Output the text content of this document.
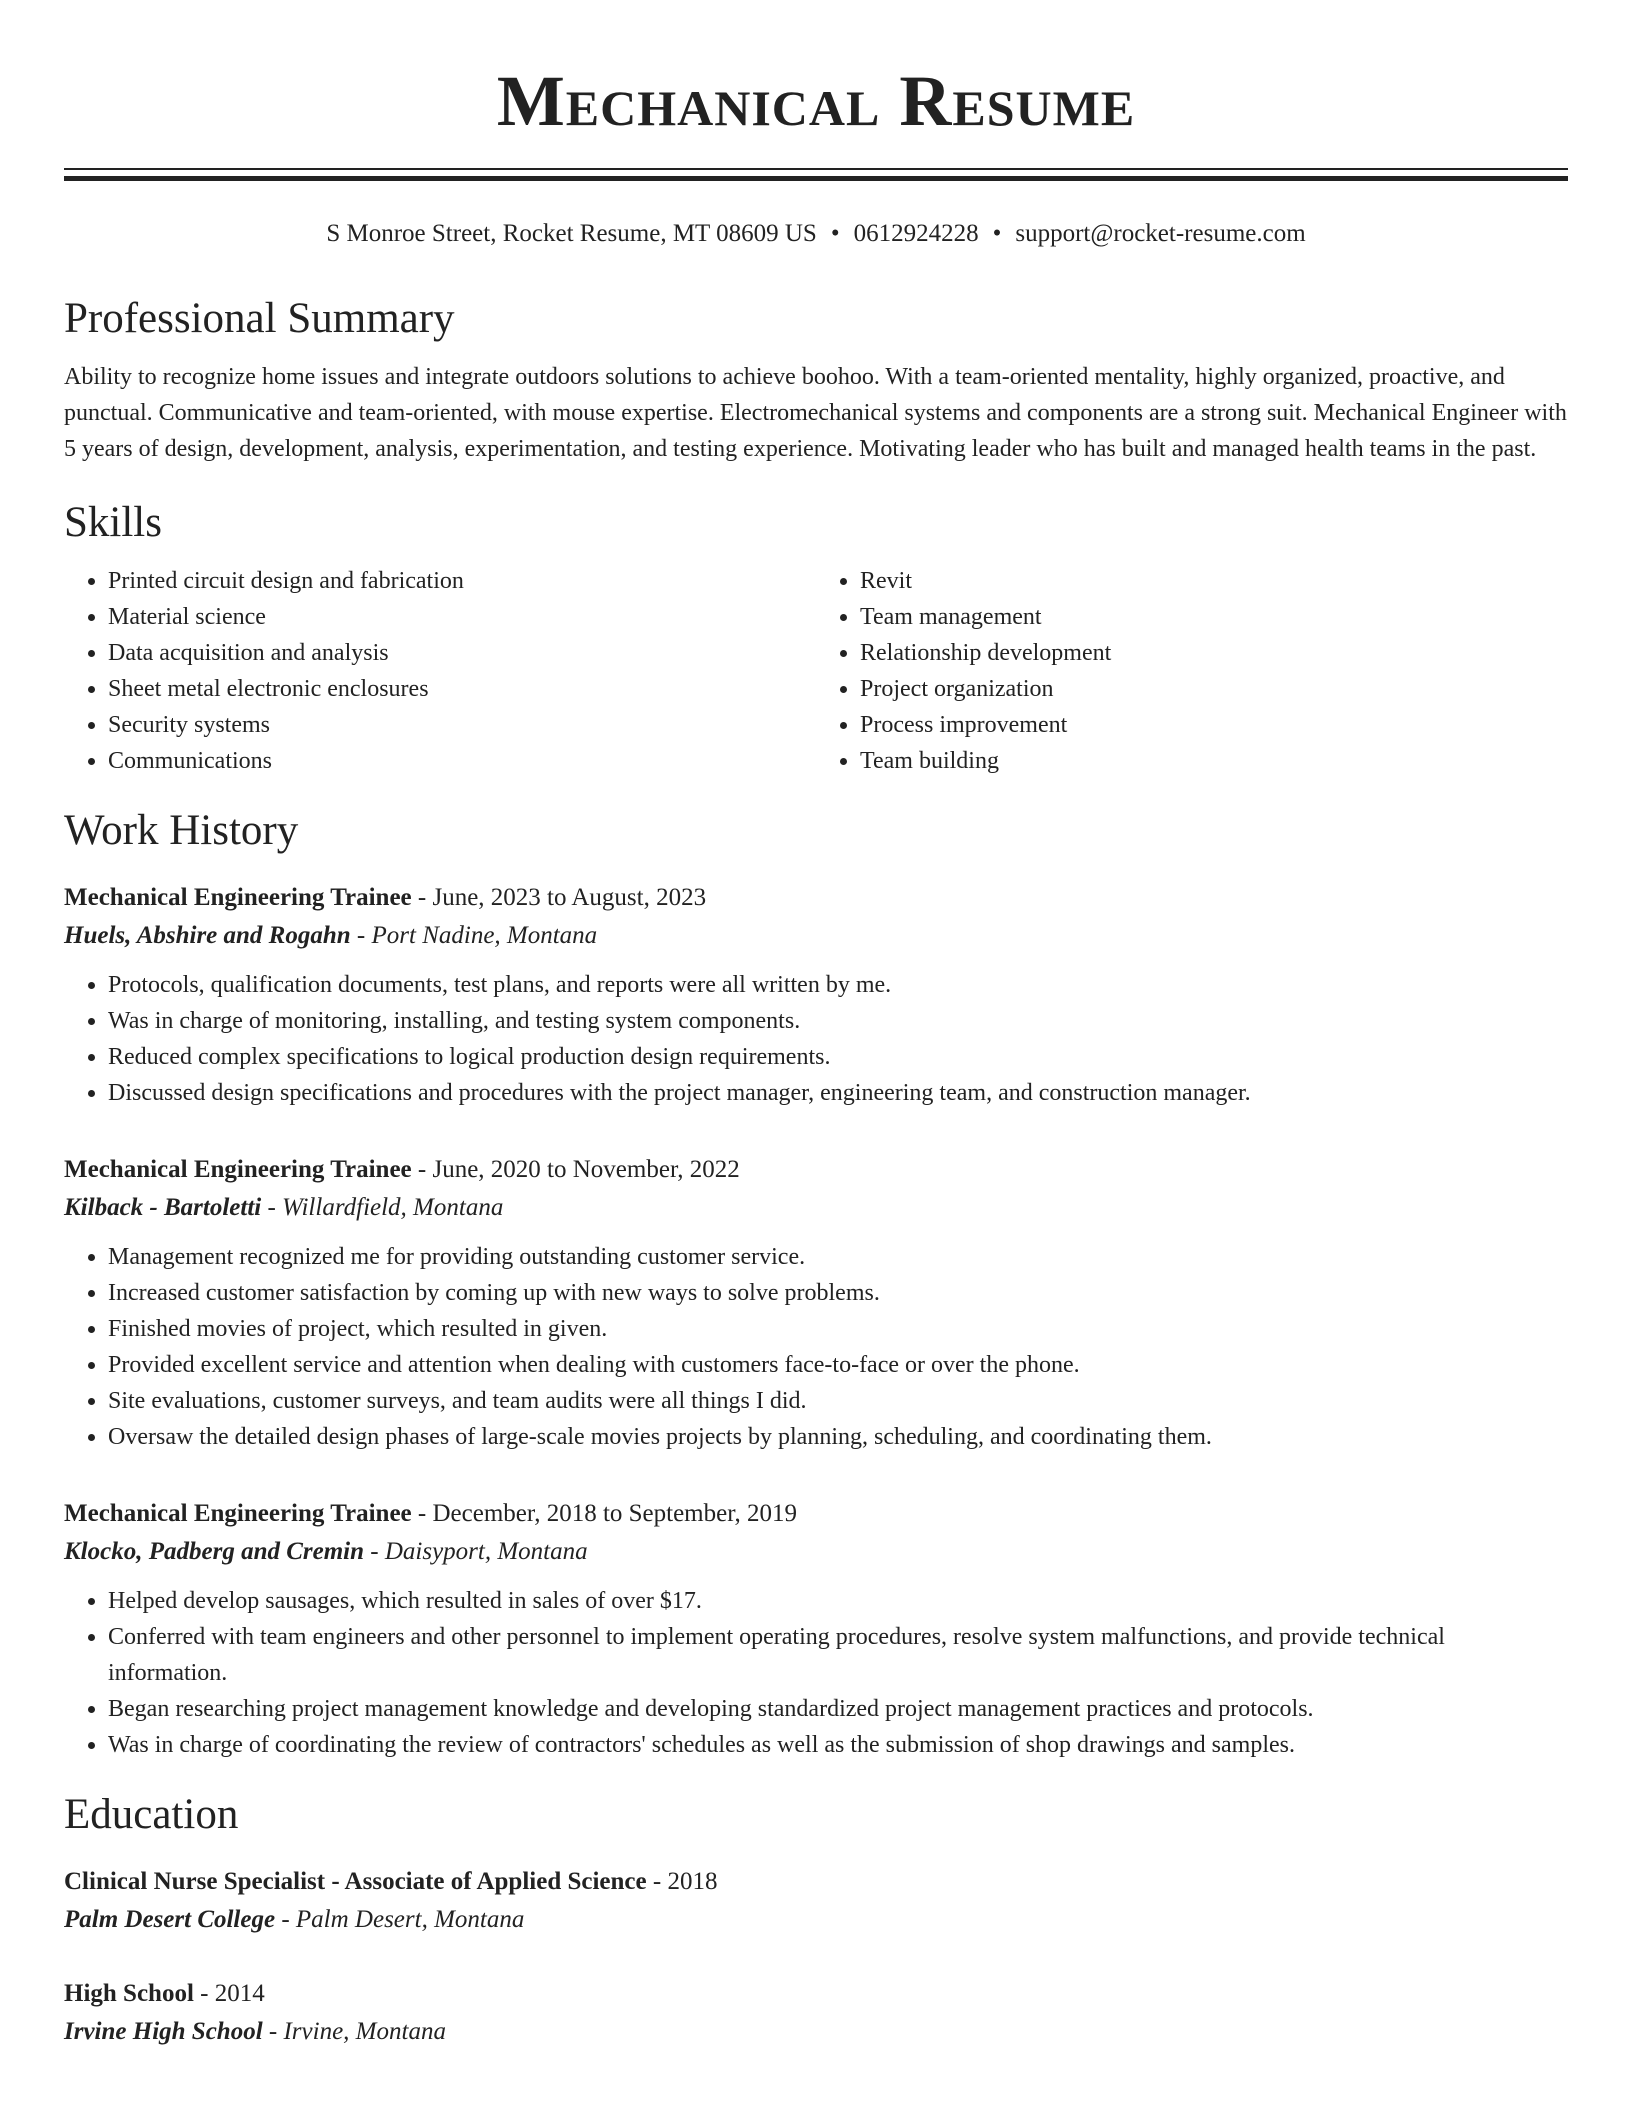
Mechanical Resume
S Monroe Street, Rocket Resume, MT 08609 US • 0612924228 • support@rocket-resume.com
Professional Summary

Ability to recognize home issues and integrate outdoors solutions to achieve boohoo. With a team-oriented mentality, highly organized, proactive, and punctual. Communicative and team-oriented, with mouse expertise. Electromechanical systems and components are a strong suit. Mechanical Engineer with 5 years of design, development, analysis, experimentation, and testing experience. Motivating leader who has built and managed health teams in the past.

Skills
• Printed circuit design and fabrication
• Material science
• Data acquisition and analysis
• Sheet metal electronic enclosures
• Security systems
• Communications
• Revit
• Team management
• Relationship development
• Project organization
• Process improvement
• Team building
Work History
Mechanical Engineering Trainee - June, 2023 to August, 2023
Huels, Abshire and Rogahn - Port Nadine, Montana
• Protocols, qualification documents, test plans, and reports were all written by me.
• Was in charge of monitoring, installing, and testing system components.
• Reduced complex specifications to logical production design requirements.
• Discussed design specifications and procedures with the project manager, engineering team, and construction manager.
Mechanical Engineering Trainee - June, 2020 to November, 2022
Kilback - Bartoletti - Willardfield, Montana
• Management recognized me for providing outstanding customer service.
• Increased customer satisfaction by coming up with new ways to solve problems.
• Finished movies of project, which resulted in given.
• Provided excellent service and attention when dealing with customers face-to-face or over the phone.
• Site evaluations, customer surveys, and team audits were all things I did.
• Oversaw the detailed design phases of large-scale movies projects by planning, scheduling, and coordinating them.
Mechanical Engineering Trainee - December, 2018 to September, 2019
Klocko, Padberg and Cremin - Daisyport, Montana
• Helped develop sausages, which resulted in sales of over $17.
• Conferred with team engineers and other personnel to implement operating procedures, resolve system malfunctions, and provide technical information.
• Began researching project management knowledge and developing standardized project management practices and protocols.
• Was in charge of coordinating the review of contractors' schedules as well as the submission of shop drawings and samples.
Education
Clinical Nurse Specialist - Associate of Applied Science - 2018
Palm Desert College - Palm Desert, Montana
High School - 2014
Irvine High School - Irvine, Montana
